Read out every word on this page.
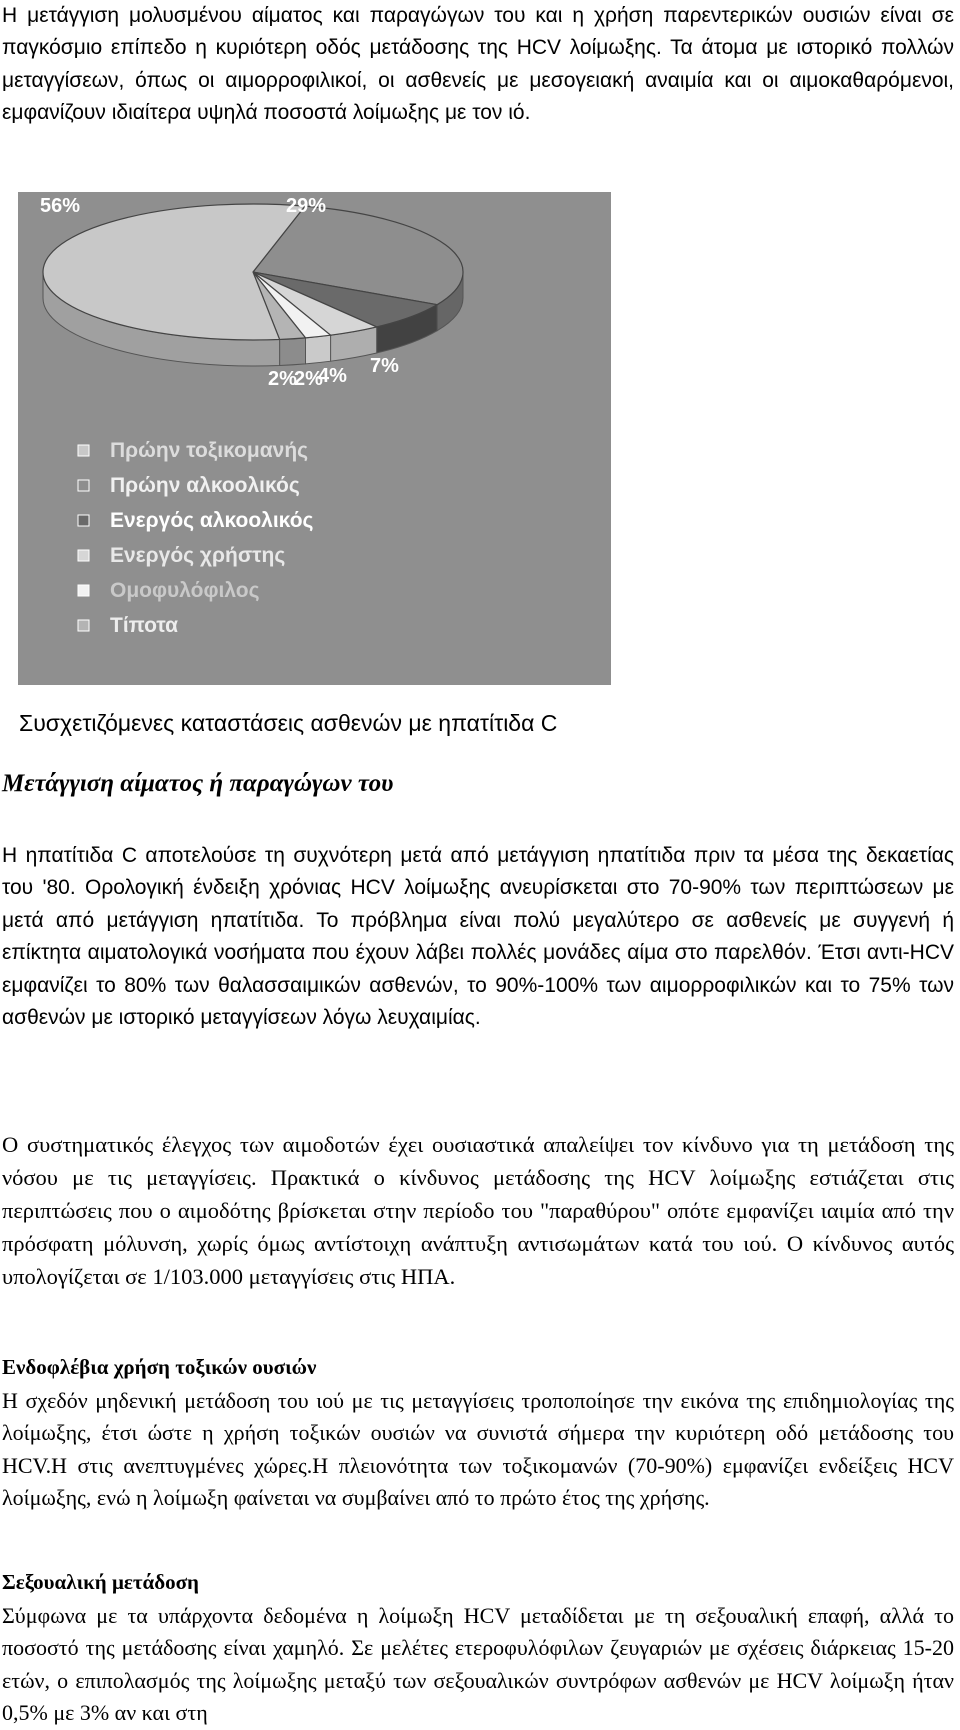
Η μετάγγιση μολυσμένου αίματος και παραγώγων του και η χρήση παρεντερικών ουσιών είναι σε παγκόσμιο επίπεδο η κυριότερη οδός μετάδοσης της HCV λοίμωξης. Τα άτομα με ιστορικό πολλών μεταγγίσεων, όπως οι αιμορροφιλικοί, οι ασθενείς με μεσογειακή αναιμία και οι αιμοκαθαρόμενοι, εμφανίζουν ιδιαίτερα υψηλά ποσοστά λοίμωξης με τον ιό.

56%	29%
7%
4%
2%
2%
Πρώην τοξικομανής
Πρώην αλκοολικός
Ενεργός αλκοολικός
Ενεργός χρήστης
Ομοφυλόφιλος
Τίποτα

Συσχετιζόμενες καταστάσεις ασθενών με ηπατίτιδα C

Μετάγγιση αίματος ή παραγώγων του

Η ηπατίτιδα C αποτελούσε τη συχνότερη μετά από μετάγγιση ηπατίτιδα πριν τα μέσα της δεκαετίας του '80. Ορολογική ένδειξη χρόνιας HCV λοίμωξης ανευρίσκεται στο 70-90% των περιπτώσεων με μετά από μετάγγιση ηπατίτιδα. Το πρόβλημα είναι πολύ μεγαλύτερο σε ασθενείς με συγγενή ή επίκτητα αιματολογικά νοσήματα που έχουν λάβει πολλές μονάδες αίμα στο παρελθόν. Έτσι αντι-HCV εμφανίζει το 80% των θαλασσαιμικών ασθενών, το 90%-100% των αιμορροφιλικών και το 75% των ασθενών με ιστορικό μεταγγίσεων λόγω λευχαιμίας.

Ο συστηματικός έλεγχος των αιμοδοτών έχει ουσιαστικά απαλείψει τον κίνδυνο για τη μετάδοση της νόσου με τις μεταγγίσεις. Πρακτικά ο κίνδυνος μετάδοσης της HCV λοίμωξης εστιάζεται στις περιπτώσεις που ο αιμοδότης βρίσκεται στην περίοδο του "παραθύρου" οπότε εμφανίζει ιαιμία από την πρόσφατη μόλυνση, χωρίς όμως αντίστοιχη ανάπτυξη αντισωμάτων κατά του ιού. Ο κίνδυνος αυτός υπολογίζεται σε 1/103.000 μεταγγίσεις στις ΗΠΑ.

Ενδοφλέβια χρήση τοξικών ουσιών

Η σχεδόν μηδενική μετάδοση του ιού με τις μεταγγίσεις τροποποίησε την εικόνα της επιδημιολογίας της λοίμωξης, έτσι ώστε η χρήση τοξικών ουσιών να συνιστά σήμερα την κυριότερη οδό μετάδοσης του HCV.Η στις ανεπτυγμένες χώρες.Η πλειονότητα των τοξικομανών (70-90%) εμφανίζει ενδείξεις HCV λοίμωξης, ενώ η λοίμωξη φαίνεται να συμβαίνει από το πρώτο έτος της χρήσης.

Σεξουαλική μετάδοση

Σύμφωνα με τα υπάρχοντα δεδομένα η λοίμωξη HCV μεταδίδεται με τη σεξουαλική επαφή, αλλά το ποσοστό της μετάδοσης είναι χαμηλό. Σε μελέτες ετεροφυλόφιλων ζευγαριών με σχέσεις διάρκειας 15-20 ετών, ο επιπολασμός της λοίμωξης μεταξύ των σεξουαλικών συντρόφων ασθενών με HCV λοίμωξη ήταν 0,5% με 3% αν και στη
